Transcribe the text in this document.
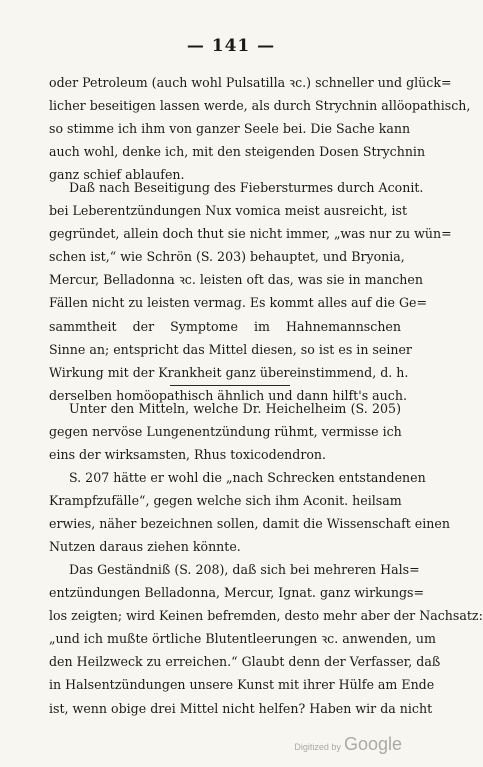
— 141 —
oder Petroleum (auch wohl Pulsatilla ꝛc.) schneller und glück=
licher beseitigen lassen werde, als durch Strychnin allöopathisch,
so stimme ich ihm von ganzer Seele bei. Die Sache kann
auch wohl, denke ich, mit den steigenden Dosen Strychnin
ganz schief ablaufen.
Daß nach Beseitigung des Fiebersturmes durch Aconit.
bei Leberentzündungen Nux vomica meist ausreicht, ist
gegründet, allein doch thut sie nicht immer, „was nur zu wün=
schen ist,“ wie Schrön (S. 203) behauptet, und Bryonia,
Mercur, Belladonna ꝛc. leisten oft das, was sie in manchen
Fällen nicht zu leisten vermag. Es kommt alles auf die Ge=
sammtheit der Symptome im Hahnemannschen
Sinne an; entspricht das Mittel diesen, so ist es in seiner
Wirkung mit der Krankheit ganz übereinstimmend, d. h.
derselben homöopathisch ähnlich und dann hilft's auch.
Unter den Mitteln, welche Dr. Heichelheim (S. 205)
gegen nervöse Lungenentzündung rühmt, vermisse ich
eins der wirksamsten, Rhus toxicodendron.
S. 207 hätte er wohl die „nach Schrecken entstandenen
Krampfzufälle“, gegen welche sich ihm Aconit. heilsam
erwies, näher bezeichnen sollen, damit die Wissenschaft einen
Nutzen daraus ziehen könnte.
Das Geständniß (S. 208), daß sich bei mehreren Hals=
entzündungen Belladonna, Mercur, Ignat. ganz wirkungs=
los zeigten; wird Keinen befremden, desto mehr aber der Nachsatz:
„und ich mußte örtliche Blutentleerungen ꝛc. anwenden, um
den Heilzweck zu erreichen.“ Glaubt denn der Verfasser, daß
in Halsentzündungen unsere Kunst mit ihrer Hülfe am Ende
ist, wenn obige drei Mittel nicht helfen? Haben wir da nicht
Digitized by Google
